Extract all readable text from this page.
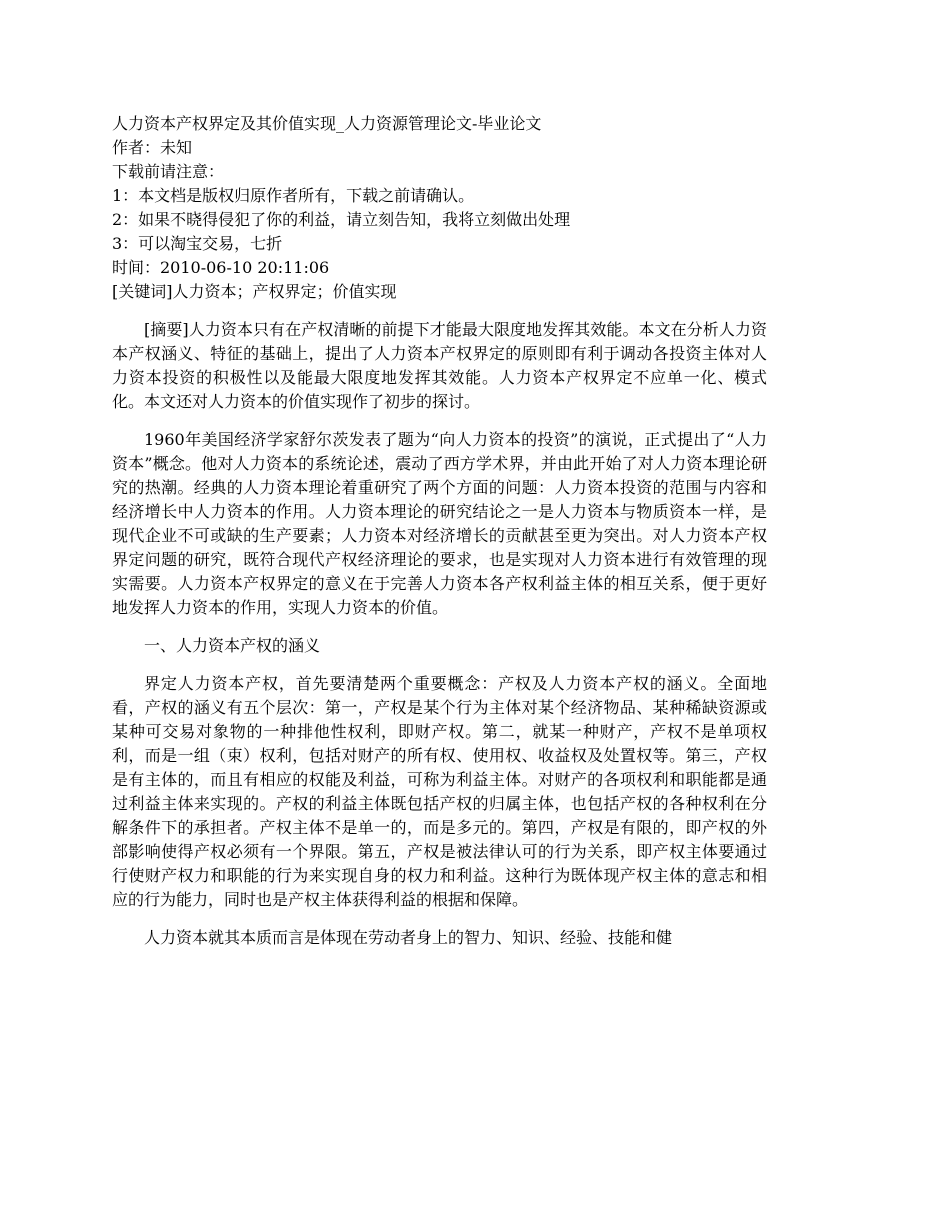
人力资本产权界定及其价值实现_人力资源管理论文-毕业论文
作者：未知
下载前请注意：
1：本文档是版权归原作者所有，下载之前请确认。
2：如果不晓得侵犯了你的利益，请立刻告知，我将立刻做出处理
3：可以淘宝交易，七折
时间：2010-06-10 20:11:06
[关键词]人力资本；产权界定；价值实现

[摘要]人力资本只有在产权清晰的前提下才能最大限度地发挥其效能。本文在分析人力资本产权涵义、特征的基础上，提出了人力资本产权界定的原则即有利于调动各投资主体对人力资本投资的积极性以及能最大限度地发挥其效能。人力资本产权界定不应单一化、模式化。本文还对人力资本的价值实现作了初步的探讨。

1960年美国经济学家舒尔茨发表了题为“向人力资本的投资”的演说，正式提出了“人力资本”概念。他对人力资本的系统论述，震动了西方学术界，并由此开始了对人力资本理论研究的热潮。经典的人力资本理论着重研究了两个方面的问题：人力资本投资的范围与内容和经济增长中人力资本的作用。人力资本理论的研究结论之一是人力资本与物质资本一样，是现代企业不可或缺的生产要素；人力资本对经济增长的贡献甚至更为突出。对人力资本产权界定问题的研究，既符合现代产权经济理论的要求，也是实现对人力资本进行有效管理的现实需要。人力资本产权界定的意义在于完善人力资本各产权利益主体的相互关系，便于更好地发挥人力资本的作用，实现人力资本的价值。

一、人力资本产权的涵义

界定人力资本产权，首先要清楚两个重要概念：产权及人力资本产权的涵义。全面地看，产权的涵义有五个层次：第一，产权是某个行为主体对某个经济物品、某种稀缺资源或某种可交易对象物的一种排他性权利，即财产权。第二，就某一种财产，产权不是单项权利，而是一组（束）权利，包括对财产的所有权、使用权、收益权及处置权等。第三，产权是有主体的，而且有相应的权能及利益，可称为利益主体。对财产的各项权利和职能都是通过利益主体来实现的。产权的利益主体既包括产权的归属主体，也包括产权的各种权利在分解条件下的承担者。产权主体不是单一的，而是多元的。第四，产权是有限的，即产权的外部影响使得产权必须有一个界限。第五，产权是被法律认可的行为关系，即产权主体要通过行使财产权力和职能的行为来实现自身的权力和利益。这种行为既体现产权主体的意志和相应的行为能力，同时也是产权主体获得利益的根据和保障。

人力资本就其本质而言是体现在劳动者身上的智力、知识、经验、技能和健
